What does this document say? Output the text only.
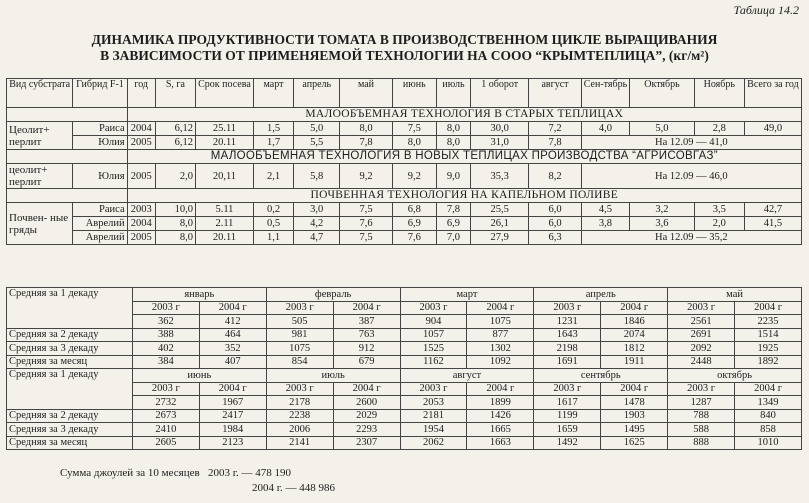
Таблица 14.2
ДИНАМИКА ПРОДУКТИВНОСТИ ТОМАТА В ПРОИЗВОДСТВЕННОМ ЦИКЛЕ ВЫРАЩИВАНИЯ
В ЗАВИСИМОСТИ ОТ ПРИМЕНЯЕМОЙ ТЕХНОЛОГИИ НА СООО “КРЫМТЕПЛИЦА”, (кг/м²)
Вид субстрата	Гибрид F-1	год	S, га	Срок посева	март	апрель	май	июнь	июль	1 оборот	август	Сен-тябрь	Октябрь	Ноябрь	Всего за год
		МАЛООБЪЕМНАЯ ТЕХНОЛОГИЯ В СТАРЫХ ТЕПЛИЦАХ													
Цеолит+ перлит	Раиса	2004	6,12	25.11	1,5	5,0	8,0	7,5	8,0	30,0	7,2	4,0	5,0	2,8	49,0
	Юлия	2005	6,12	20.11	1,7	5,5	7,8	8,0	8,0	31,0	7,8	На 12.09 — 41,0			
		МАЛООБЪЕМНАЯ ТЕХНОЛОГИЯ В НОВЫХ ТЕПЛИЦАХ ПРОИЗВОДСТВА “АГРИСОВГАЗ”													
цеолит+ перлит	Юлия	2005	2,0	20,11	2,1	5,8	9,2	9,2	9,0	35,3	8,2	На 12.09 — 46,0			
		ПОЧВЕННАЯ ТЕХНОЛОГИЯ НА КАПЕЛЬНОМ ПОЛИВЕ													
Почвен- ные гряды	Раиса	2003	10,0	5.11	0,2	3,0	7,5	6,8	7,8	25,5	6,0	4,5	3,2	3,5	42,7
	Аврелий	2004	8,0	2.11	0,5	4,2	7,6	6,9	6,9	26,1	6,0	3,8	3,6	2,0	41,5
	Аврелий	2005	8,0	20.11	1,1	4,7	7,5	7,6	7,0	27,9	6,3	На 12.09 — 35,2			
Средняя за 1 декаду	январь		февраль		март		апрель		май	
	2003 г	2004 г	2003 г	2004 г	2003 г	2004 г	2003 г	2004 г	2003 г	2004 г
	362	412	505	387	904	1075	1231	1846	2561	2235
Средняя за 2 декаду	388	464	981	763	1057	877	1643	2074	2691	1514
Средняя за 3 декаду	402	352	1075	912	1525	1302	2198	1812	2092	1925
Средняя за месяц	384	407	854	679	1162	1092	1691	1911	2448	1892
Средняя за 1 декаду	июнь		июль		август		сентябрь		октябрь	
	2003 г	2004 г	2003 г	2004 г	2003 г	2004 г	2003 г	2004 г	2003 г	2004 г
	2732	1967	2178	2600	2053	1899	1617	1478	1287	1349
Средняя за 2 декаду	2673	2417	2238	2029	2181	1426	1199	1903	788	840
Средняя за 3 декаду	2410	1984	2006	2293	1954	1665	1659	1495	588	858
Средняя за месяц	2605	2123	2141	2307	2062	1663	1492	1625	888	1010
Сумма джоулей за 10 месяцев 2003 г. — 478 190
2004 г. — 448 986
